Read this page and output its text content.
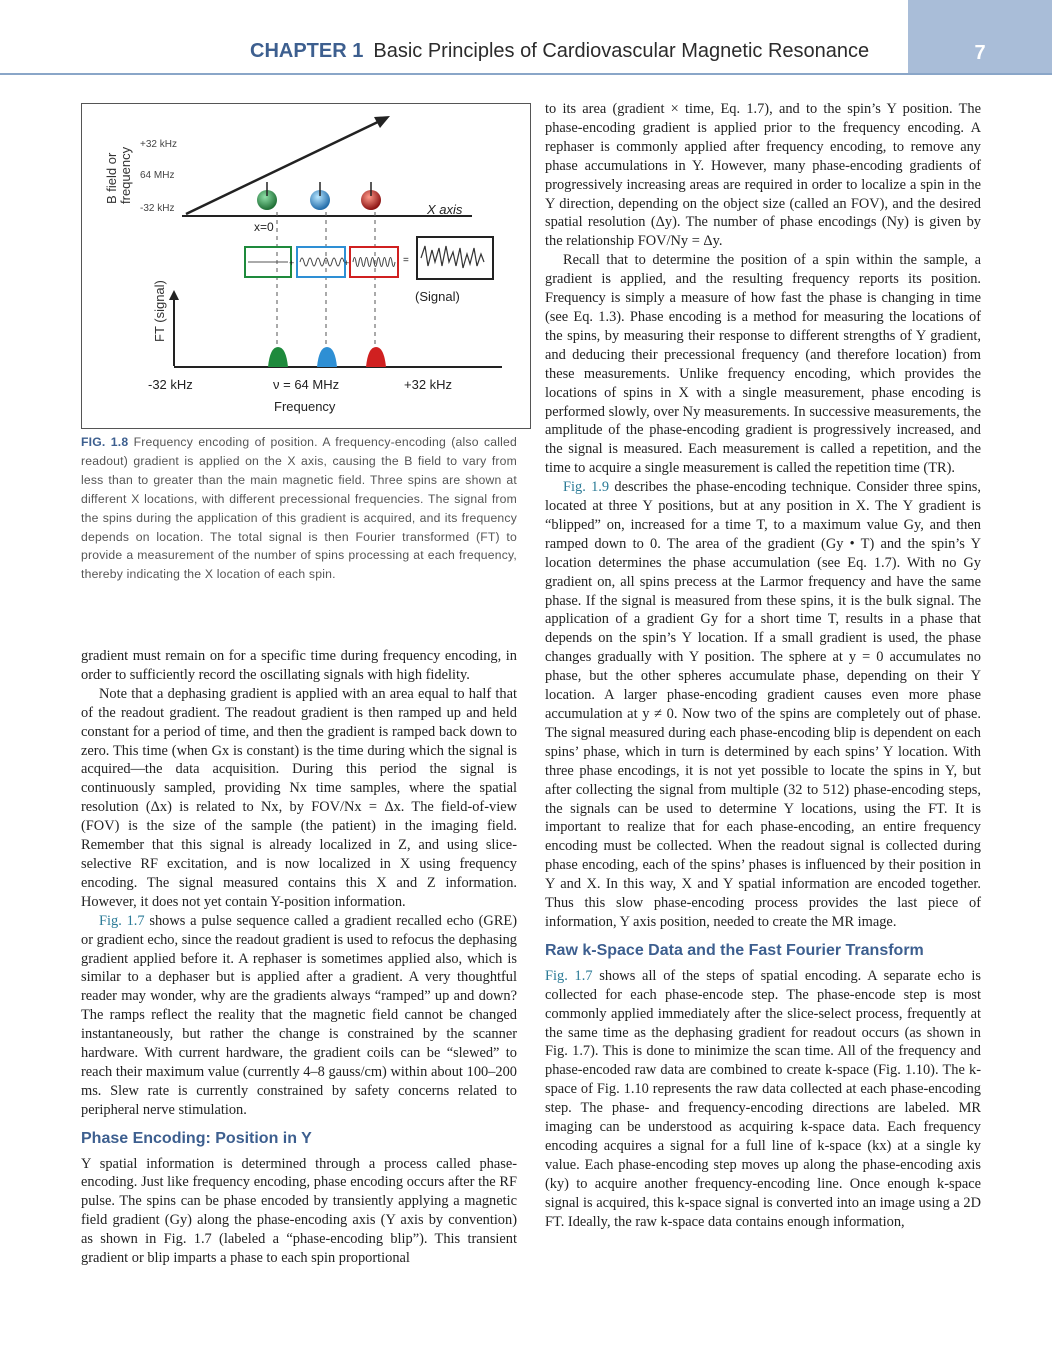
7
CHAPTER 1 Basic Principles of Cardiovascular Magnetic Resonance
B field or frequency
+32 kHz
64 MHz
-32 kHz	X axis
x=0
+	+	=
(Signal)
FT (signal)
-32 kHz	ν = 64 MHz	+32 kHz
Frequency
FIG. 1.8 Frequency encoding of position. A frequency-encoding (also called readout) gradient is applied on the X axis, causing the B field to vary from less than to greater than the main magnetic field. Three spins are shown at different X locations, with different precessional frequencies. The signal from the spins during the application of this gradient is acquired, and its frequency depends on location. The total signal is then Fourier transformed (FT) to provide a measurement of the number of spins processing at each frequency, thereby indicating the X location of each spin.

gradient must remain on for a specific time during frequency encoding, in order to sufficiently record the oscillating signals with high fidelity.

Note that a dephasing gradient is applied with an area equal to half that of the readout gradient. The readout gradient is then ramped up and held constant for a period of time, and then the gradient is ramped back down to zero. This time (when Gx is constant) is the time during which the signal is acquired—the data acquisition. During this period the signal is continuously sampled, providing Nx time samples, where the spatial resolution (Δx) is related to Nx, by FOV/Nx = Δx. The field-of-view (FOV) is the size of the sample (the patient) in the imaging field. Remember that this signal is already localized in Z, and using slice-selective RF excitation, and is now localized in X using frequency encoding. The signal measured contains this X and Z information. However, it does not yet contain Y-position information.

Fig. 1.7 shows a pulse sequence called a gradient recalled echo (GRE) or gradient echo, since the readout gradient is used to refocus the dephasing gradient applied before it. A rephaser is sometimes applied also, which is similar to a dephaser but is applied after a gradient. A very thoughtful reader may wonder, why are the gradients always “ramped” up and down? The ramps reflect the reality that the magnetic field cannot be changed instantaneously, but rather the change is constrained by the scanner hardware. With current hardware, the gradient coils can be “slewed” to reach their maximum value (currently 4–8 gauss/cm) within about 100–200 ms. Slew rate is currently constrained by safety concerns related to peripheral nerve stimulation.

Phase Encoding: Position in Y

Y spatial information is determined through a process called phase-encoding. Just like frequency encoding, phase encoding occurs after the RF pulse. The spins can be phase encoded by transiently applying a magnetic field gradient (Gy) along the phase-encoding axis (Y axis by convention) as shown in Fig. 1.7 (labeled a “phase-encoding blip”). This transient gradient or blip imparts a phase to each spin proportional

to its area (gradient × time, Eq. 1.7), and to the spin’s Y position. The phase-encoding gradient is applied prior to the frequency encoding. A rephaser is commonly applied after frequency encoding, to remove any phase accumulations in Y. However, many phase-encoding gradients of progressively increasing areas are required in order to localize a spin in the Y direction, depending on the object size (called an FOV), and the desired spatial resolution (Δy). The number of phase encodings (Ny) is given by the relationship FOV/Ny = Δy.

Recall that to determine the position of a spin within the sample, a gradient is applied, and the resulting frequency reports its position. Frequency is simply a measure of how fast the phase is changing in time (see Eq. 1.3). Phase encoding is a method for measuring the locations of the spins, by measuring their response to different strengths of Y gradient, and deducing their precessional frequency (and therefore location) from these measurements. Unlike frequency encoding, which provides the locations of spins in X with a single measurement, phase encoding is performed slowly, over Ny measurements. In successive measurements, the amplitude of the phase-encoding gradient is progressively increased, and the signal is measured. Each measurement is called a repetition, and the time to acquire a single measurement is called the repetition time (TR).

Fig. 1.9 describes the phase-encoding technique. Consider three spins, located at three Y positions, but at any position in X. The Y gradient is “blipped” on, increased for a time T, to a maximum value Gy, and then ramped down to 0. The area of the gradient (Gy • T) and the spin’s Y location determines the phase accumulation (see Eq. 1.7). With no Gy gradient on, all spins precess at the Larmor frequency and have the same phase. If the signal is measured from these spins, it is the bulk signal. The application of a gradient Gy for a short time T, results in a phase that depends on the spin’s Y location. If a small gradient is used, the phase changes gradually with Y position. The sphere at y = 0 accumulates no phase, but the other spheres accumulate phase, depending on their Y location. A larger phase-encoding gradient causes even more phase accumulation at y ≠ 0. Now two of the spins are completely out of phase. The signal measured during each phase-encoding blip is dependent on each spins’ phase, which in turn is determined by each spins’ Y location. With three phase encodings, it is not yet possible to locate the spins in Y, but after collecting the signal from multiple (32 to 512) phase-encoding steps, the signals can be used to determine Y locations, using the FT. It is important to realize that for each phase-encoding, an entire frequency encoding must be collected. When the readout signal is collected during phase encoding, each of the spins’ phases is influenced by their position in Y and X. In this way, X and Y spatial information are encoded together. Thus this slow phase-encoding process provides the last piece of information, Y axis position, needed to create the MR image.

Raw k-Space Data and the Fast Fourier Transform

Fig. 1.7 shows all of the steps of spatial encoding. A separate echo is collected for each phase-encode step. The phase-encode step is most commonly applied immediately after the slice-select process, frequently at the same time as the dephasing gradient for readout occurs (as shown in Fig. 1.7). This is done to minimize the scan time. All of the frequency and phase-encoded raw data are combined to create k-space (Fig. 1.10). The k-space of Fig. 1.10 represents the raw data collected at each phase-encoding step. The phase- and frequency-encoding directions are labeled. MR imaging can be understood as acquiring k-space data. Each frequency encoding acquires a signal for a full line of k-space (kx) at a single ky value. Each phase-encoding step moves up along the phase-encoding axis (ky) to acquire another frequency-encoding line. Once enough k-space signal is acquired, this k-space signal is converted into an image using a 2D FT. Ideally, the raw k-space data contains enough information,
